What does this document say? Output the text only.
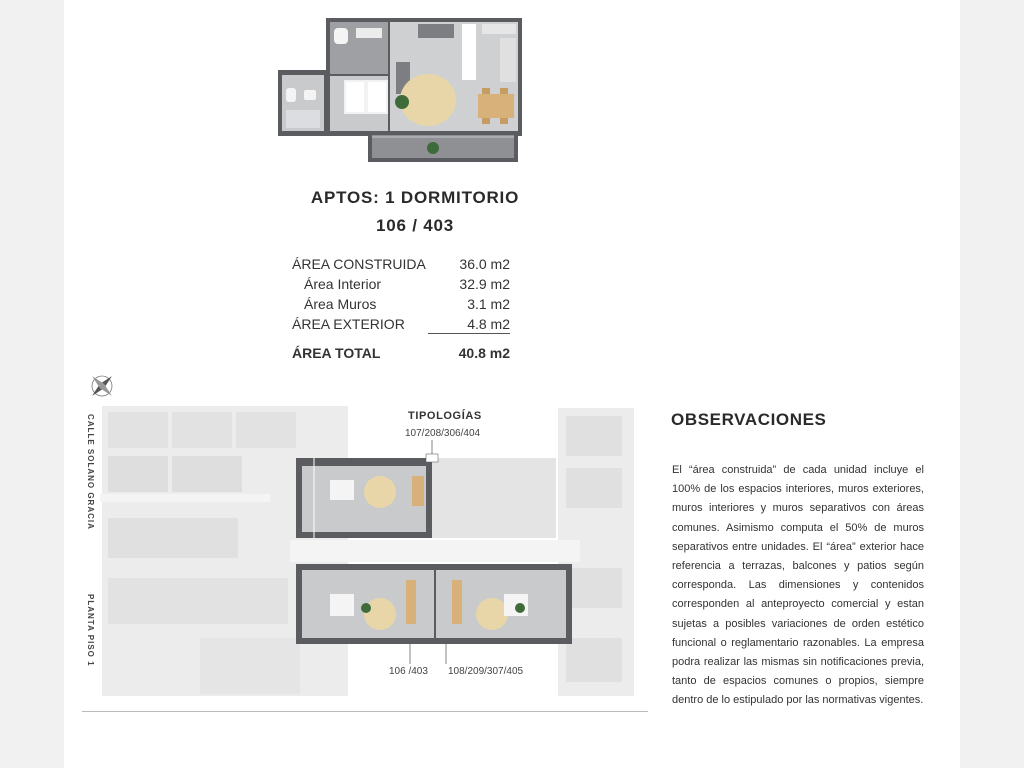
APTOS: 1 DORMITORIO
106 / 403
ÁREA CONSTRUIDA 36.0 m2
Área Interior	32.9 m2
Área Muros	3.1 m2
ÁREA EXTERIOR	4.8 m2
ÁREA TOTAL	40.8 m2
TIPOLOGÍAS
107/208/306/404
106 /403 108/209/307/405
CALLE SOLANO GRACIA
PLANTA PISO 1
OBSERVACIONES

El “área construida” de cada unidad incluye el 100% de los espacios interiores, muros exteriores, muros interiores y muros separativos con áreas comunes. Asimismo computa el 50% de muros separativos entre unidades. El “área” exterior hace referencia a terrazas, balcones y patios según corresponda. Las dimensiones y contenidos corresponden al anteproyecto comercial y estan sujetas a posibles variaciones de orden estético funcional o reglamentario razonables. La empresa podra realizar las mismas sin notificaciones previa, tanto de espacios comunes o propios, siempre dentro de lo estipulado por las normativas vigentes.
